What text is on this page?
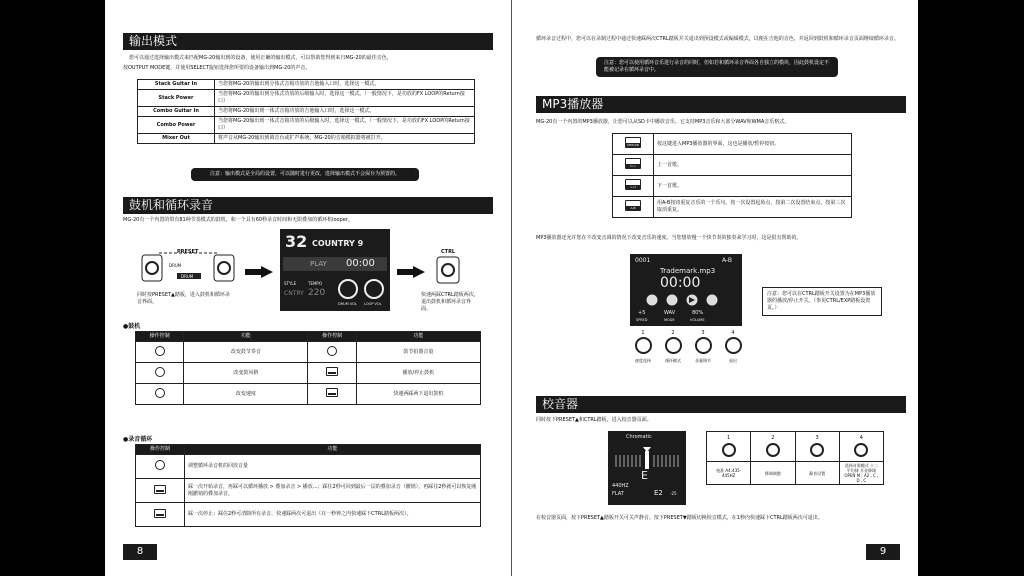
输出模式
您可以通过选择输出模式来匹配MG-20输出到的设备，使用正确的输出模式，可以帮助您得到来自MG-20的最佳音色，
按OUTPUT MODE键，并使用SELECT旋钮选择您所要的设备输出到MG-20的声音。
Stack Guitar In	当您将MG-20的输出到分体式音箱功放的吉他输入口时，选择这一模式。
Stack Power	当您将MG-20的输出到分体式功放的后级输入时，选择这一模式。（一般情况下，是功放的FX LOOP的Return接口）
Combo Guitar In	当您将MG-20输出到一体式音箱功放的吉他输入口时，选择这一模式。
Combo Power	当您将MG-20输出到一体式音箱功放的后级输入时，选择这一模式。（一般情况下，是功放的FX LOOP的Return接口）
Mixer Out	将声音从MG-20输出到调音台或扩声系统，MG-20的音箱模拟器将被打开。
注意：输出模式是全局的设置，可以随时进行更改，选择输出模式不会保存为预置的。
鼓机和循环录音
MG-20有一个内置的带有81种节奏模式的鼓机，和一个具有60秒录音时间和无限叠加的循环机looper。
PRESET
DRUM
DRUM
32 COUNTRY 9
PLAY 00:00
STYLE	TEMPO
CNTRY 220
DRUM VOL LOOP VOL
CTRL
同时按PRESET▲踏板，进入鼓机和循环录音界面。
快速两踩CTRL踏板两次，退出鼓机和循环录音界面。
●鼓机
操作控制	功能	操作控制	功能
	改变鼓节奏音		鼓节拍器音量
	改变鼓风格		播放/停止鼓机
	改变速度		快速两踩两下退出鼓机
●录音循环
操作控制	功能
	调整循环录音机的回放音量
	踩一次开始录音，再踩可以循环播放 > 叠加录音 > 播放...；踩住2秒可回到最后一层的叠加录音（撤销），再踩住2秒就可以恢复刚刚撤销的叠加录音。
	踩一次停止；踩住2秒可清除所有录音，快速踩两次可退出（在一秒钟之内快速踩下CTRL踏板两次）。
8
循环录音过程中，您可以在录制过程中通过快速踩两次CTRL踏板并关退出到预设模式或编辑模式，以便在吉他的音色，并返回到鼓机和循环录音页面继续循环录音。
注意：您可以使用循环音乐进行录音的同时，但如若和循环录音界面各自独立的模块，因此鼓机设定不能被记录在循环录音中。
MP3播放器
MG-20有一个内置的MP3播放器，让您可以从SD卡中播放音乐。它支持MP3音乐和大部分WAV和WMA音乐格式。
MP3/AB	按这键进入MP3播放器的界面，这也是播放/暂停按钮。

I<<	上一首歌。

>>I	下一首歌。

A-B	用A-B按钮重复音乐的一个乐句。按一次设置起始点，按第二次设置结束点，按第三次取消重复。
MP3播放器还允许您在不改变音调的情况下改变音乐的速度。当您想放慢一个快节奏的独奏来学习时，这是很有帮助的。
0001	A-B
Trademark.mp3
00:00
+5	WAV	80%
SPEED	MODE	VOLUME
1
速度选择
2
循环模式
3
音量调节
4
退出
注意：您可以在CTRL踏板开关设置为在MP3播放器的播放/停止开关。（参见CTRL/EXP踏板设置页。）
校音器
同时按下PRESET▲和CTRL踏板，进入校音器页面。
Chromatic
E
440HZ
FLAT	E2 -25
1	2	3	4

校准 A4:435-445HZ	降调调整	静音设置	选择音准模式 十二平均律 半音降调 OPEN M , A2 , C , D , C
在校音器页面，按下PRESET▲踏板开关可关声静音。按下PRESET▼踏板切换校音模式，在1秒内快速踩下CTRL踏板两次可退出。
9
